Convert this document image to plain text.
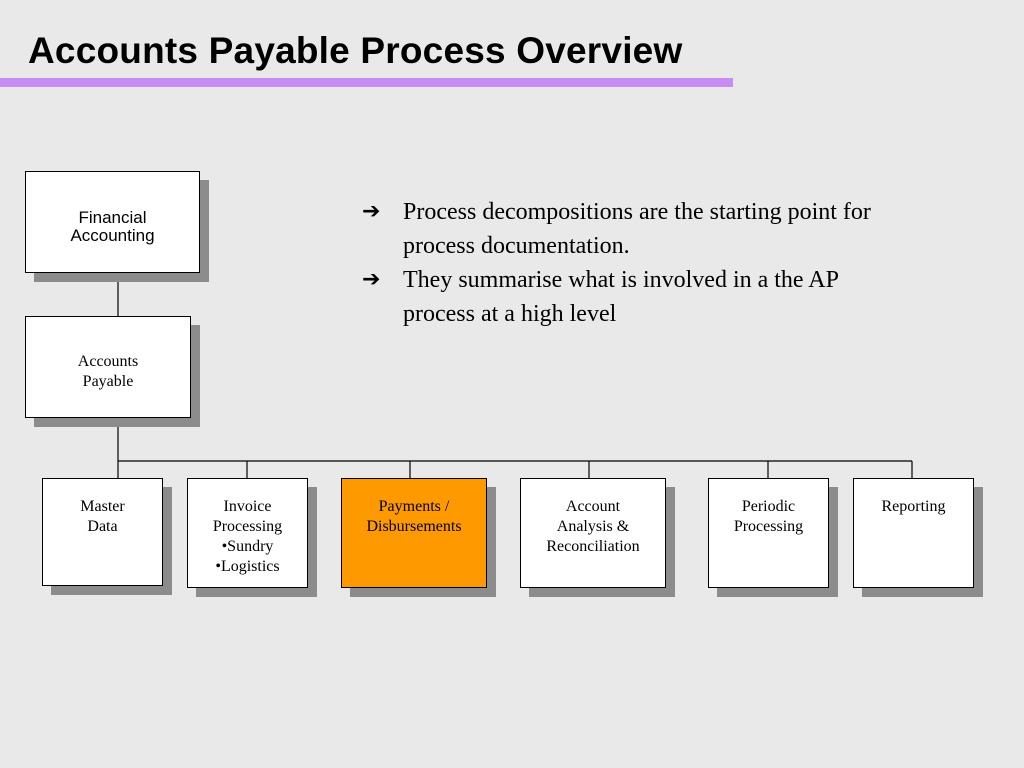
Accounts Payable Process Overview
Financial
Accounting
Accounts
Payable
Master
Data
Invoice
Processing
•Sundry
•Logistics
Payments /
Disbursements
Account
Analysis &
Reconciliation
Periodic
Processing
Reporting
➔ Process decompositions are the starting point for process documentation.
➔ They summarise what is involved in a the AP process at a high level
